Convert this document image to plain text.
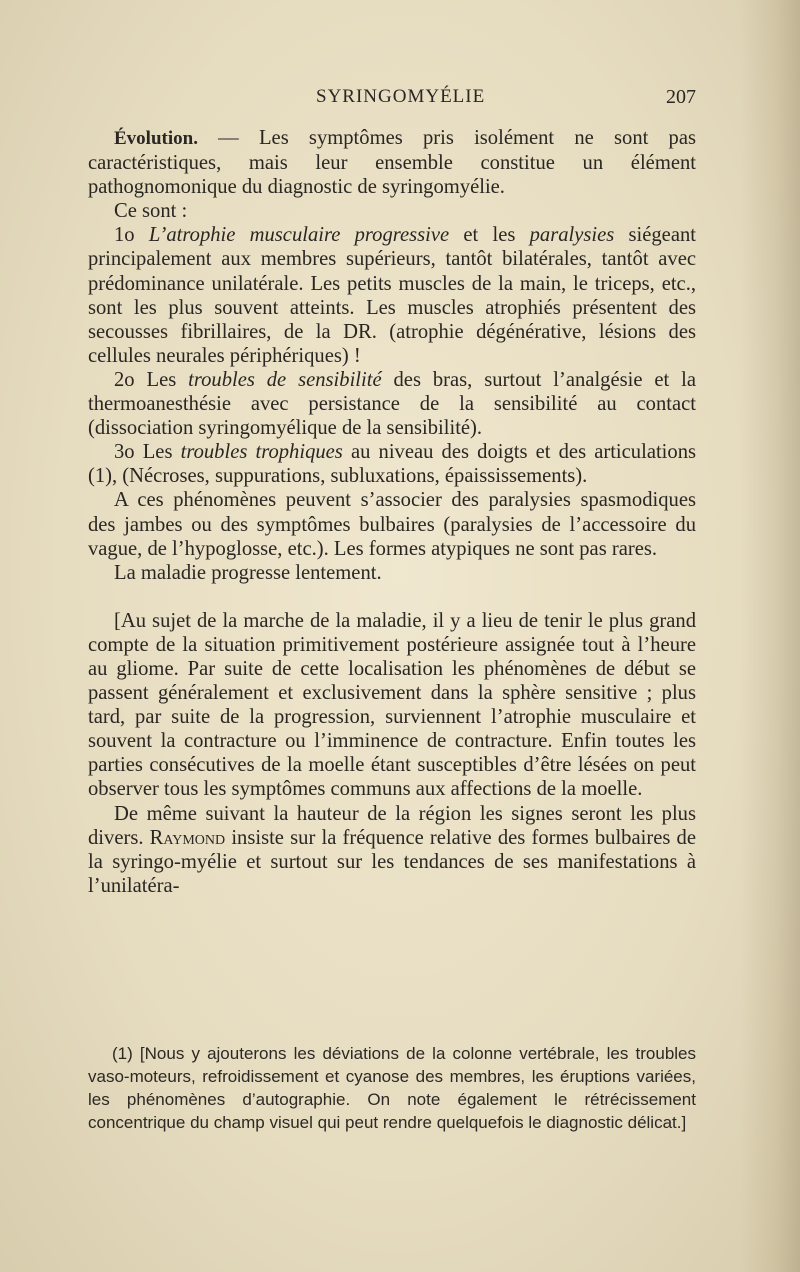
SYRINGOMYÉLIE	207

Évolution. — Les symptômes pris isolément ne sont pas caractéristiques, mais leur ensemble constitue un élément pathognomonique du diagnostic de syringomyélie.

Ce sont :

1o L’atrophie musculaire progressive et les paralysies siégeant principalement aux membres supérieurs, tantôt bilatérales, tantôt avec prédominance unilatérale. Les petits muscles de la main, le triceps, etc., sont les plus souvent atteints. Les muscles atrophiés présentent des secousses fibrillaires, de la DR. (atrophie dégénérative, lésions des cellules neurales périphériques) !

2o Les troubles de sensibilité des bras, surtout l’analgésie et la thermoanesthésie avec persistance de la sensibilité au contact (dissociation syringomyélique de la sensibilité).

3o Les troubles trophiques au niveau des doigts et des articulations (1), (Nécroses, suppurations, subluxations, épaississements).

A ces phénomènes peuvent s’associer des paralysies spasmodiques des jambes ou des symptômes bulbaires (paralysies de l’accessoire du vague, de l’hypoglosse, etc.). Les formes atypiques ne sont pas rares.

La maladie progresse lentement.

[Au sujet de la marche de la maladie, il y a lieu de tenir le plus grand compte de la situation primitivement postérieure assignée tout à l’heure au gliome. Par suite de cette localisation les phénomènes de début se passent généralement et exclusivement dans la sphère sensitive ; plus tard, par suite de la progression, surviennent l’atrophie musculaire et souvent la contracture ou l’imminence de contracture. Enfin toutes les parties consécutives de la moelle étant susceptibles d’être lésées on peut observer tous les symptômes communs aux affections de la moelle.

De même suivant la hauteur de la région les signes seront les plus divers. Raymond insiste sur la fréquence relative des formes bulbaires de la syringo-myélie et surtout sur les tendances de ses manifestations à l’unilatéra-

(1) [Nous y ajouterons les déviations de la colonne vertébrale, les troubles vaso-moteurs, refroidissement et cyanose des membres, les éruptions variées, les phénomènes d’autographie. On note également le rétrécissement concentrique du champ visuel qui peut rendre quelquefois le diagnostic délicat.]
